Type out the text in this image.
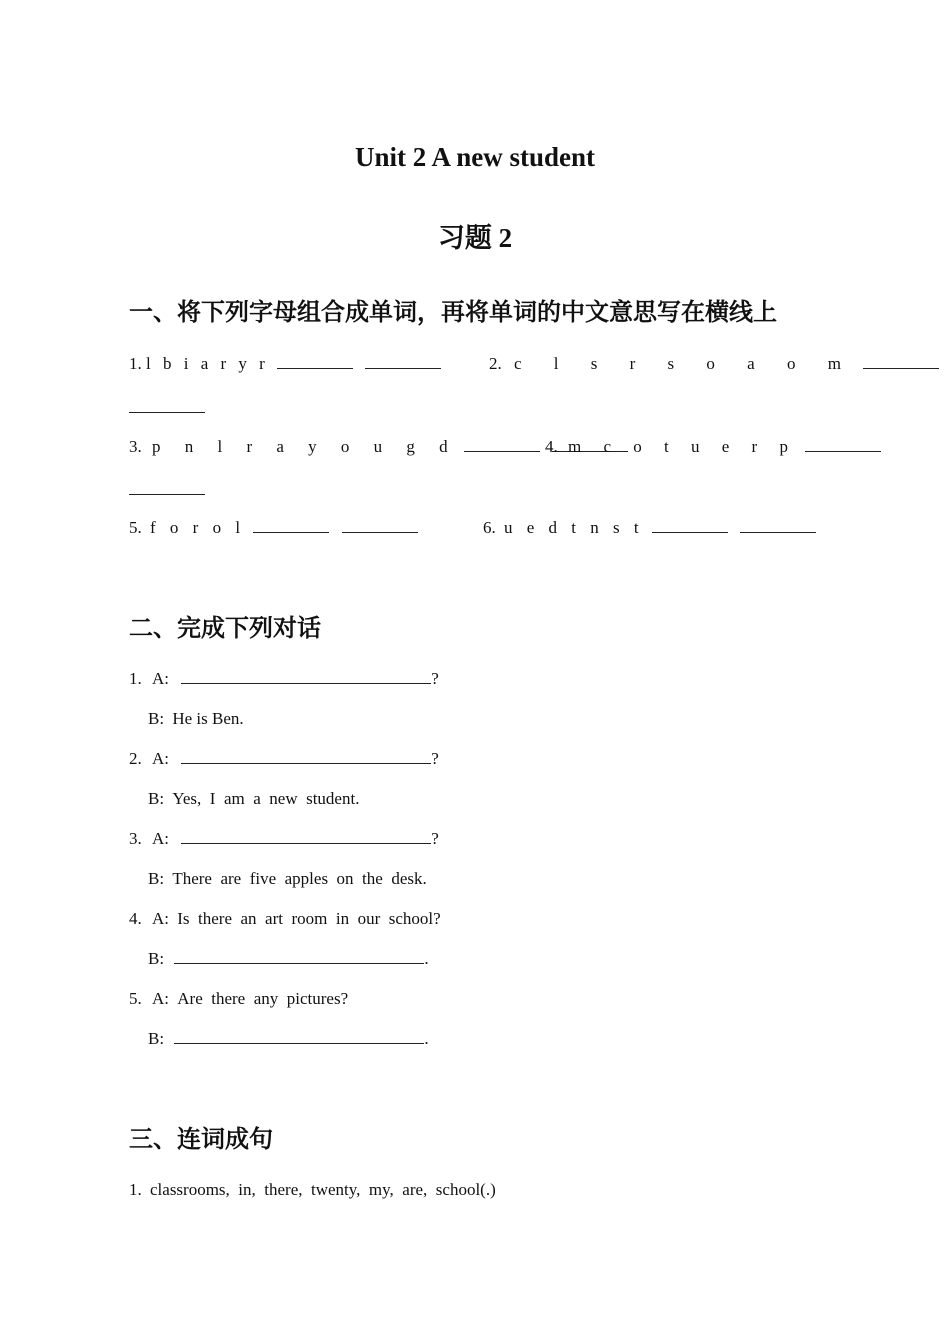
Unit 2 A new student
习题 2
一、将下列字母组合成单词，再将单词的中文意思写在横线上
1. l b i a r y r	2. c l s r s o a o m
3. p n l r a y o u g d	4. m c o t u e r p
5. f o r o l	6. u e d t n s t
二、完成下列对话
1. A:	?
B: He is Ben.
2. A:	?
B: Yes,  I  am  a  new  student.
3. A:	?
B: There  are  five  apples  on  the  desk.
4. A: Is  there  an  art  room  in  our  school?
B:	.
5. A: Are  there  any  pictures?
B:	.
三、连词成句
1. classrooms,  in,  there,  twenty,  my,  are,  school(.)
